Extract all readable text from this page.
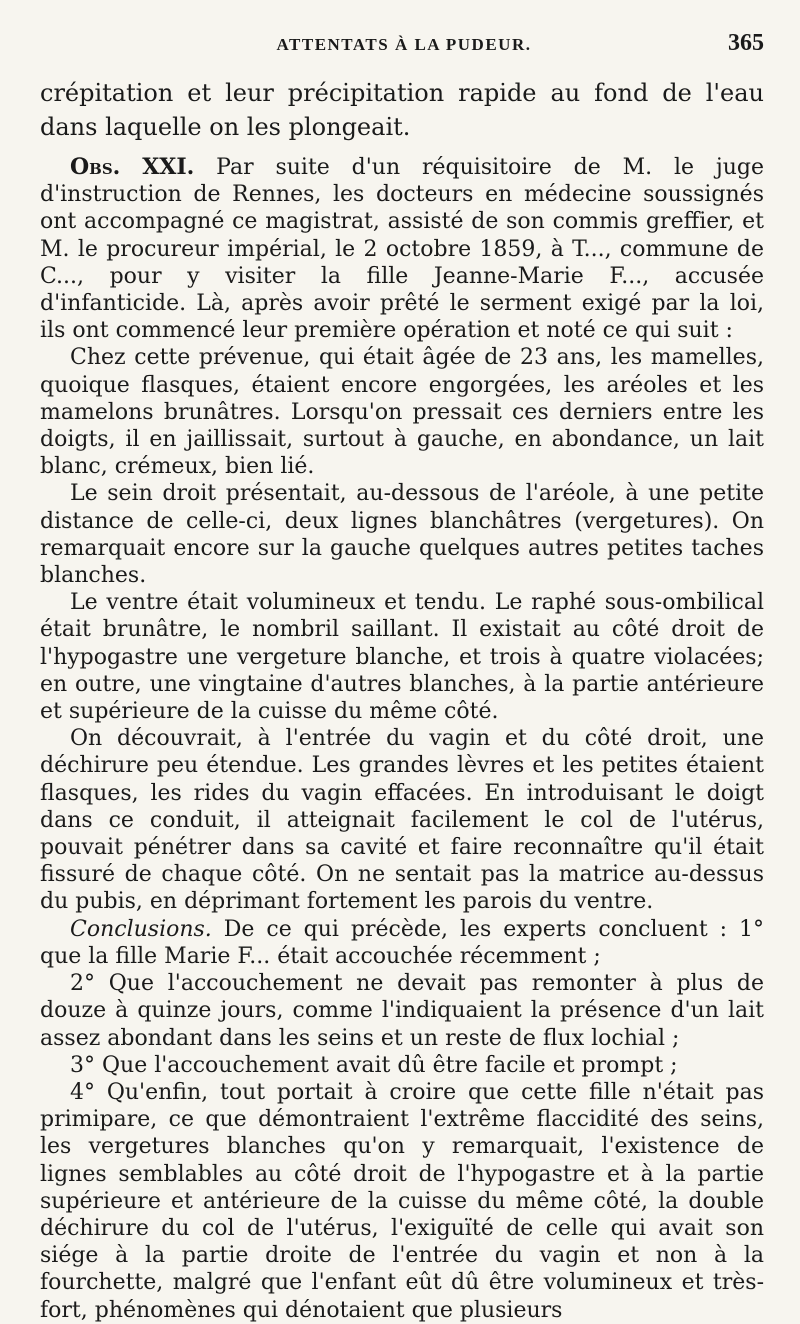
ATTENTATS À LA PUDEUR.	365

crépitation et leur précipitation rapide au fond de l'eau dans laquelle on les plongeait.

Obs. XXI. Par suite d'un réquisitoire de M. le juge d'instruction de Rennes, les docteurs en médecine soussignés ont accompagné ce magistrat, assisté de son commis greffier, et M. le procureur impérial, le 2 octobre 1859, à T..., commune de C..., pour y visiter la fille Jeanne-Marie F..., accusée d'infanticide. Là, après avoir prêté le serment exigé par la loi, ils ont commencé leur première opération et noté ce qui suit :

Chez cette prévenue, qui était âgée de 23 ans, les mamelles, quoique flasques, étaient encore engorgées, les aréoles et les mamelons brunâtres. Lorsqu'on pressait ces derniers entre les doigts, il en jaillissait, surtout à gauche, en abondance, un lait blanc, crémeux, bien lié.

Le sein droit présentait, au-dessous de l'aréole, à une petite distance de celle-ci, deux lignes blanchâtres (vergetures). On remarquait encore sur la gauche quelques autres petites taches blanches.

Le ventre était volumineux et tendu. Le raphé sous-ombilical était brunâtre, le nombril saillant. Il existait au côté droit de l'hypogastre une vergeture blanche, et trois à quatre violacées; en outre, une vingtaine d'autres blanches, à la partie antérieure et supérieure de la cuisse du même côté.

On découvrait, à l'entrée du vagin et du côté droit, une déchirure peu étendue. Les grandes lèvres et les petites étaient flasques, les rides du vagin effacées. En introduisant le doigt dans ce conduit, il atteignait facilement le col de l'utérus, pouvait pénétrer dans sa cavité et faire reconnaître qu'il était fissuré de chaque côté. On ne sentait pas la matrice au-dessus du pubis, en déprimant fortement les parois du ventre.

Conclusions. De ce qui précède, les experts concluent : 1° que la fille Marie F... était accouchée récemment ;

2° Que l'accouchement ne devait pas remonter à plus de douze à quinze jours, comme l'indiquaient la présence d'un lait assez abondant dans les seins et un reste de flux lochial ;

3° Que l'accouchement avait dû être facile et prompt ;

4° Qu'enfin, tout portait à croire que cette fille n'était pas primipare, ce que démontraient l'extrême flaccidité des seins, les vergetures blanches qu'on y remarquait, l'existence de lignes semblables au côté droit de l'hypogastre et à la partie supérieure et antérieure de la cuisse du même côté, la double déchirure du col de l'utérus, l'exiguïté de celle qui avait son siége à la partie droite de l'entrée du vagin et non à la fourchette, malgré que l'enfant eût dû être volumineux et très-fort, phénomènes qui dénotaient que plusieurs
